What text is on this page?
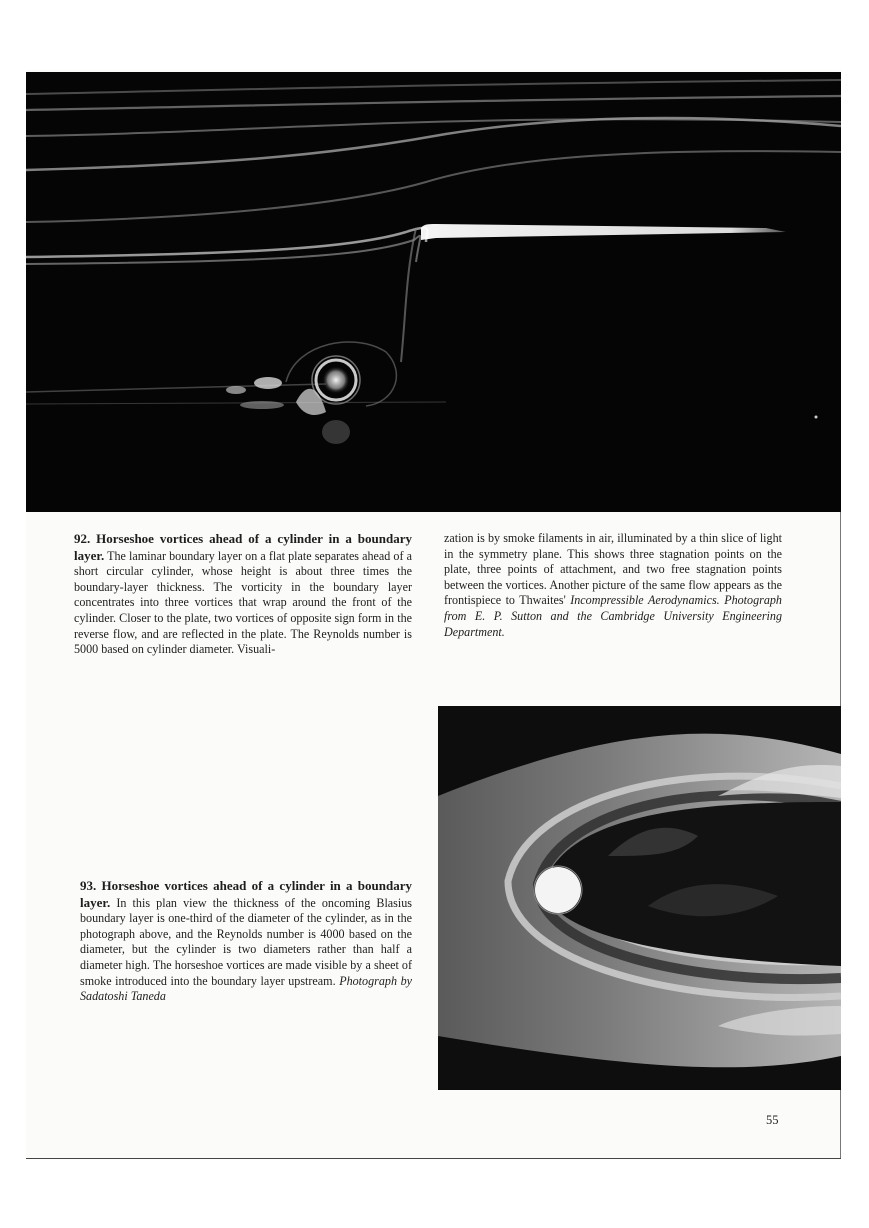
92. Horseshoe vortices ahead of a cylinder in a boundary layer. The laminar boundary layer on a flat plate separates ahead of a short circular cylinder, whose height is about three times the boundary-layer thickness. The vorticity in the boundary layer concentrates into three vortices that wrap around the front of the cylinder. Closer to the plate, two vortices of opposite sign form in the reverse flow, and are reflected in the plate. The Reynolds number is 5000 based on cylinder diameter. Visuali-

zation is by smoke filaments in air, illuminated by a thin slice of light in the symmetry plane. This shows three stagnation points on the plate, three points of attachment, and two free stagnation points between the vortices. Another picture of the same flow appears as the frontispiece to Thwaites' Incompressible Aerodynamics. Photograph from E. P. Sutton and the Cambridge University Engineering Department.

93. Horseshoe vortices ahead of a cylinder in a boundary layer. In this plan view the thickness of the oncoming Blasius boundary layer is one-third of the diameter of the cylinder, as in the photograph above, and the Reynolds number is 4000 based on the diameter, but the cylinder is two diameters rather than half a diameter high. The horseshoe vortices are made visible by a sheet of smoke introduced into the boundary layer upstream. Photograph by Sadatoshi Taneda

55
